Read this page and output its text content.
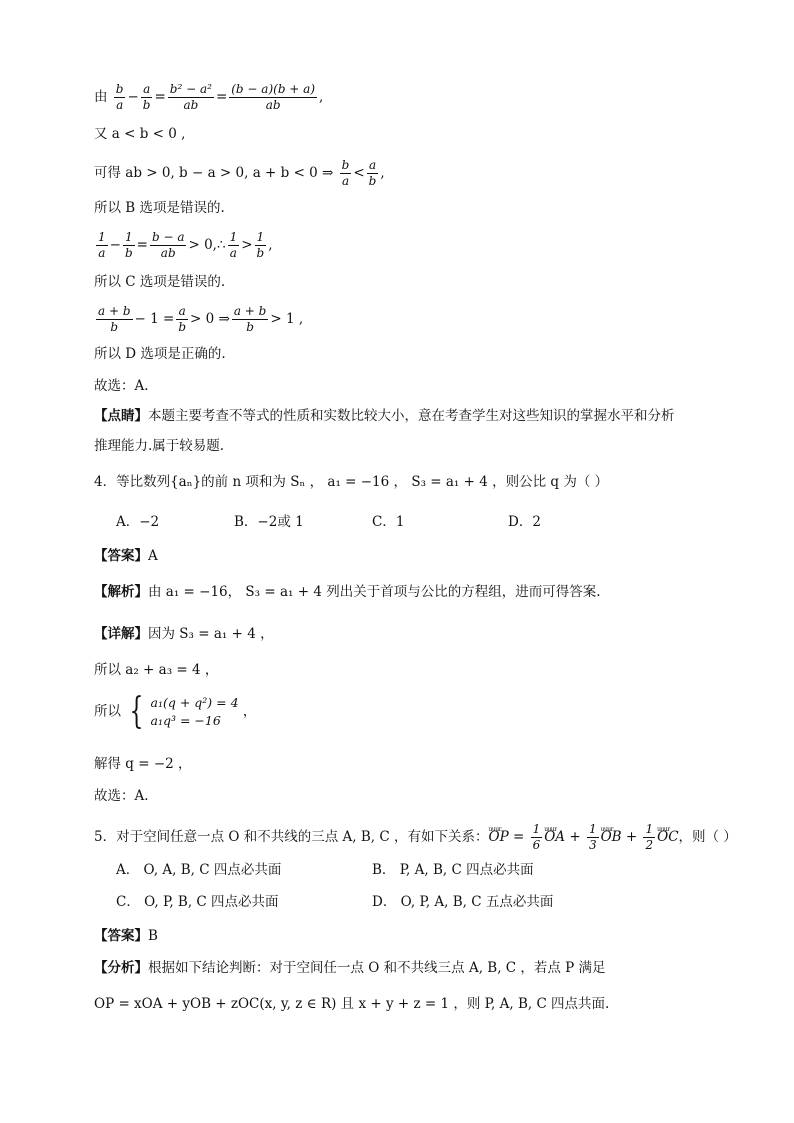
由 $\frac{b}{a} - \frac{a}{b} = \frac{\text{b² − a²}}{ab} = \frac{(b - a)(b + a)}{ab}$ ,
又 a < b < 0 ,
可得 ab > 0, b − a > 0, a + b < 0 ⇒ $\frac{b}{a} < \frac{a}{b}$ ,
所以 B 选项是错误的.
$\frac{1}{a} - \frac{1}{b} = \frac{b - a}{ab}$ > 0,∴ $\frac{1}{a} > \frac{1}{b}$ ,
所以 C 选项是错误的.
$\frac{a + b}{b} - 1 = \frac{a}{b} > 0$ ⇒ $\frac{a + b}{b} > 1$ ,
所以 D 选项是正确的.
故选：A.
【点睛】本题主要考查不等式的性质和实数比较大小，意在考查学生对这些知识的掌握水平和分析
推理能力.属于较易题.
4．等比数列{aₙ}的前 n 项和为 Sₙ ， a₁ = −16 ， S₃ = a₁ + 4 ，则公比 q 为（ ）
A．−2	B．−2或 1	C．1	D．2
【答案】A
【解析】由 a₁ = −16， S₃ = a₁ + 4 列出关于首项与公比的方程组，进而可得答案.
【详解】因为 S₃ = a₁ + 4 ，
所以 a₂ + a₃ = 4 ，
所以 { a₁(q + q²) = 4
a₁q³ = −16
，
解得 q = −2 ，
故选：A.
5．对于空间任意一点 O 和不共线的三点 A, B, C ，有如下关系：uuur OP = $\frac{1}{6}$ uuur OA + $\frac{1}{3}$ uuur OB + $\frac{1}{2}$ uuur OC，则（ ）
A． O, A, B, C 四点必共面	B． P, A, B, C 四点必共面
C． O, P, B, C 四点必共面	D． O, P, A, B, C 五点必共面
【答案】B
【分析】根据如下结论判断：对于空间任一点 O 和不共线三点 A, B, C ，若点 P 满足
OP = xOA + yOB + zOC(x, y, z ∈ R) 且 x + y + z = 1 ，则 P, A, B, C 四点共面.
